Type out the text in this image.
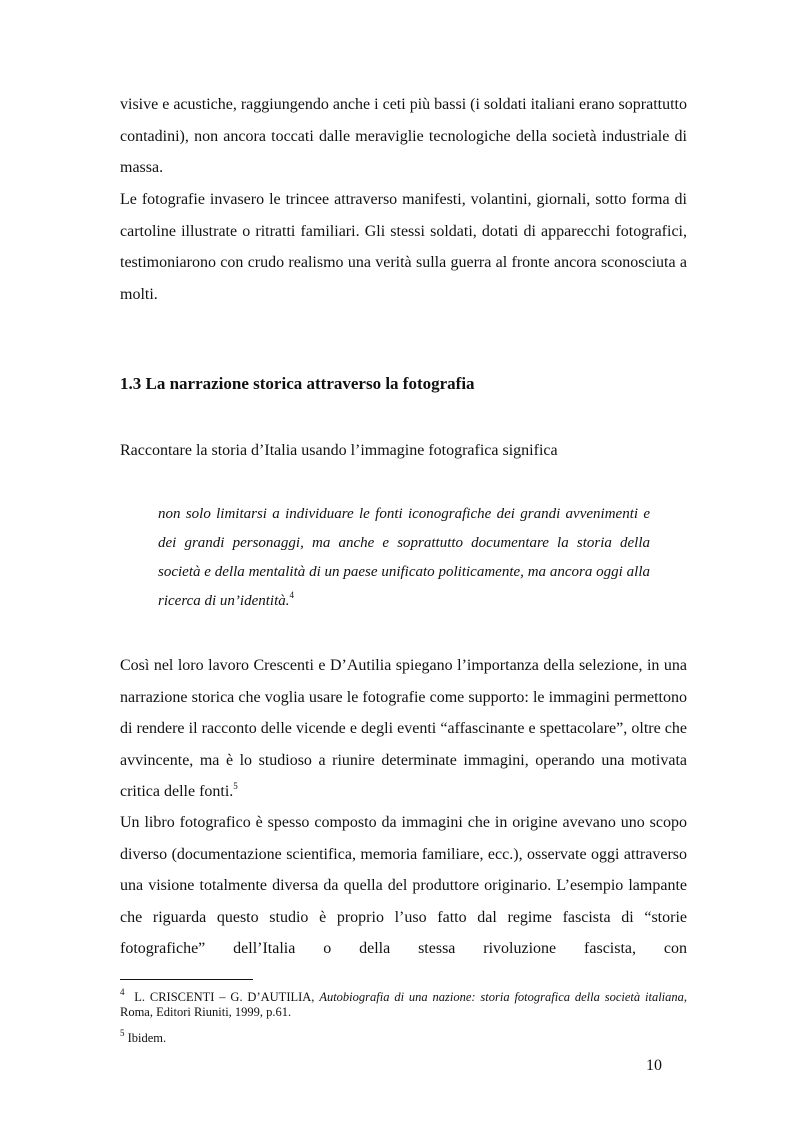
visive e acustiche, raggiungendo anche i ceti più bassi (i soldati italiani erano soprattutto contadini), non ancora toccati dalle meraviglie tecnologiche della società industriale di massa.

Le fotografie invasero le trincee attraverso manifesti, volantini, giornali, sotto forma di cartoline illustrate o ritratti familiari. Gli stessi soldati, dotati di apparecchi fotografici, testimoniarono con crudo realismo una verità sulla guerra al fronte ancora sconosciuta a molti.

1.3 La narrazione storica attraverso la fotografia

Raccontare la storia d’Italia usando l’immagine fotografica significa

non solo limitarsi a individuare le fonti iconografiche dei grandi avvenimenti e dei grandi personaggi, ma anche e soprattutto documentare la storia della società e della mentalità di un paese unificato politicamente, ma ancora oggi alla ricerca di un’identità.$^4$

Così nel loro lavoro Crescenti e D’Autilia spiegano l’importanza della selezione, in una narrazione storica che voglia usare le fotografie come supporto: le immagini permettono di rendere il racconto delle vicende e degli eventi “affascinante e spettacolare”, oltre che avvincente, ma è lo studioso a riunire determinate immagini, operando una motivata critica delle fonti.$^5$

Un libro fotografico è spesso composto da immagini che in origine avevano uno scopo diverso (documentazione scientifica, memoria familiare, ecc.), osservate oggi attraverso una visione totalmente diversa da quella del produttore originario. L’esempio lampante che riguarda questo studio è proprio l’uso fatto dal regime fascista di “storie fotografiche” dell’Italia o della stessa rivoluzione fascista, con

$^4$ L. CRISCENTI – G. D’AUTILIA, Autobiografia di una nazione: storia fotografica della società italiana, Roma, Editori Riuniti, 1999, p.61.

$^5$ Ibidem.

10
